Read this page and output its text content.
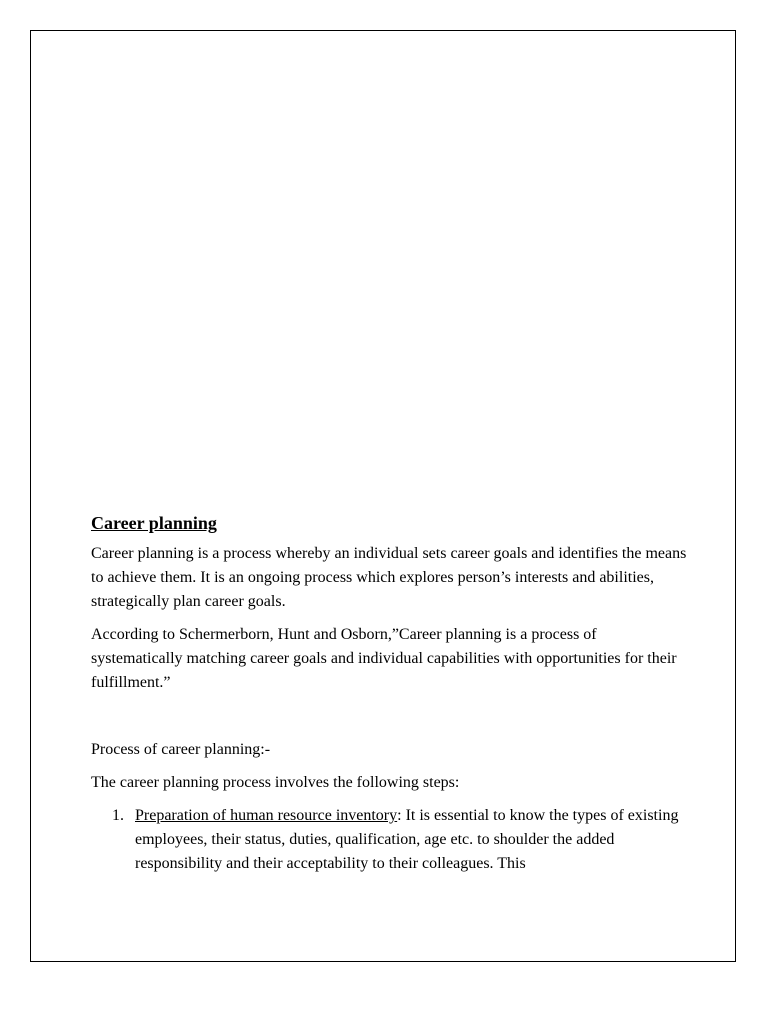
Career planning

Career planning is a process whereby an individual sets career goals and identifies the means to achieve them. It is an ongoing process which explores person’s interests and abilities, strategically plan career goals.

According to Schermerborn, Hunt and Osborn,”Career planning is a process of systematically matching career goals and individual capabilities with opportunities for their fulfillment.”

Process of career planning:-

The career planning process involves the following steps:

1. Preparation of human resource inventory: It is essential to know the types of existing employees, their status, duties, qualification, age etc. to shoulder the added responsibility and their acceptability to their colleagues. This
